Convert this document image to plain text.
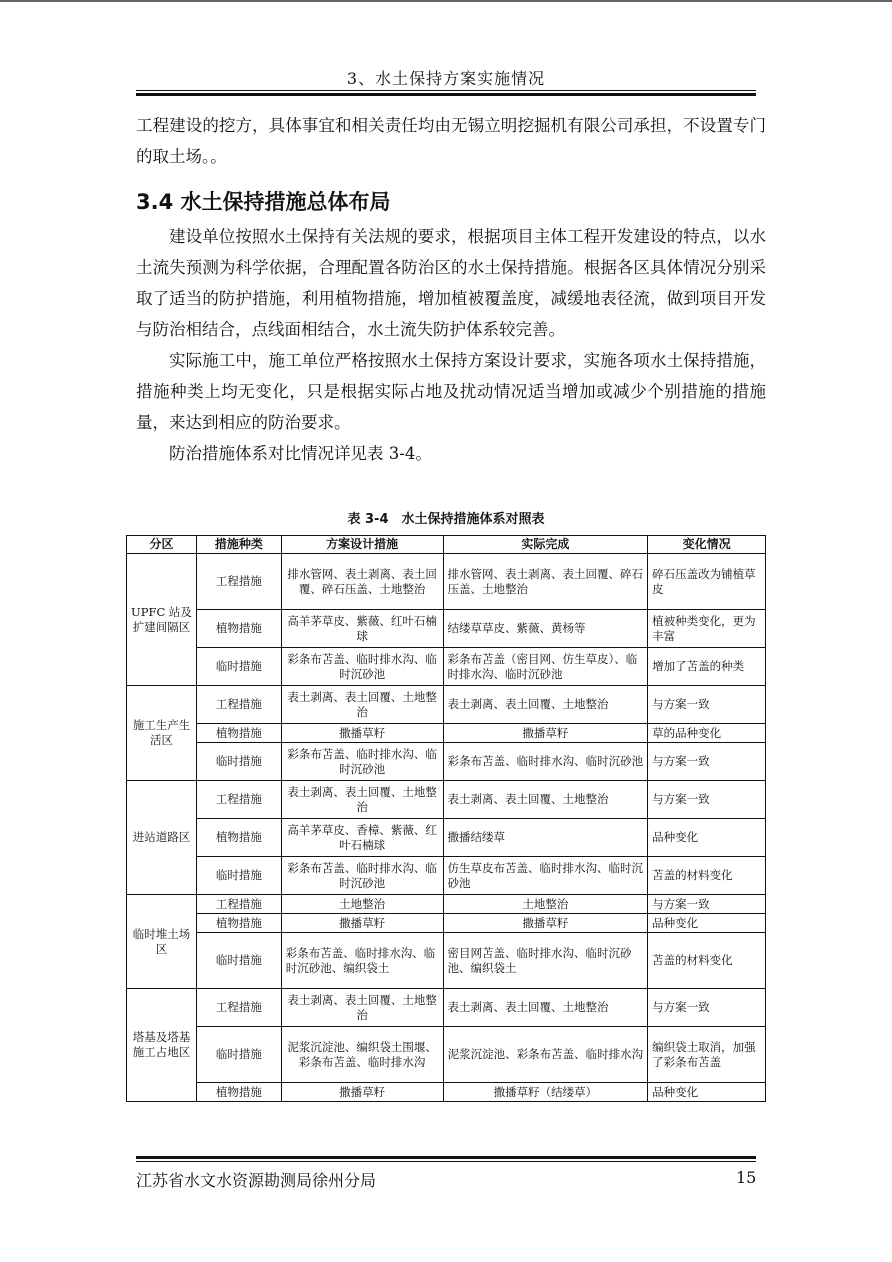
3、水土保持方案实施情况

工程建设的挖方，具体事宜和相关责任均由无锡立明挖掘机有限公司承担，不设置专门的取土场。。

3.4 水土保持措施总体布局

建设单位按照水土保持有关法规的要求，根据项目主体工程开发建设的特点，以水土流失预测为科学依据，合理配置各防治区的水土保持措施。根据各区具体情况分别采取了适当的防护措施，利用植物措施，增加植被覆盖度，减缓地表径流，做到项目开发与防治相结合，点线面相结合，水土流失防护体系较完善。

实际施工中，施工单位严格按照水土保持方案设计要求，实施各项水土保持措施，措施种类上均无变化，只是根据实际占地及扰动情况适当增加或减少个别措施的措施量，来达到相应的防治要求。

防治措施体系对比情况详见表 3-4。

表 3-4　水土保持措施体系对照表
分区	措施种类	方案设计措施	实际完成	变化情况
UPFC 站及扩建间隔区	工程措施	排水管网、表土剥离、表土回覆、碎石压盖、土地整治	排水管网、表土剥离、表土回覆、碎石压盖、土地整治	碎石压盖改为铺植草皮
	植物措施	高羊茅草皮、紫薇、红叶石楠球	结缕草草皮、紫薇、黄杨等	植被种类变化，更为丰富
	临时措施	彩条布苫盖、临时排水沟、临时沉砂池	彩条布苫盖（密目网、仿生草皮）、临时排水沟、临时沉砂池	增加了苫盖的种类
施工生产生活区	工程措施	表土剥离、表土回覆、土地整治	表土剥离、表土回覆、土地整治	与方案一致
	植物措施	撒播草籽	撒播草籽	草的品种变化
	临时措施	彩条布苫盖、临时排水沟、临时沉砂池	彩条布苫盖、临时排水沟、临时沉砂池	与方案一致
进站道路区	工程措施	表土剥离、表土回覆、土地整治	表土剥离、表土回覆、土地整治	与方案一致
	植物措施	高羊茅草皮、香樟、紫薇、红叶石楠球	撒播结缕草	品种变化
	临时措施	彩条布苫盖、临时排水沟、临时沉砂池	仿生草皮布苫盖、临时排水沟、临时沉砂池	苫盖的材料变化
临时堆土场区	工程措施	土地整治	土地整治	与方案一致
	植物措施	撒播草籽	撒播草籽	品种变化
	临时措施	彩条布苫盖、临时排水沟、临时沉砂池、编织袋土	密目网苫盖、临时排水沟、临时沉砂池、编织袋土	苫盖的材料变化
塔基及塔基施工占地区	工程措施	表土剥离、表土回覆、土地整治	表土剥离、表土回覆、土地整治	与方案一致
	临时措施	泥浆沉淀池、编织袋土围堰、彩条布苫盖、临时排水沟	泥浆沉淀池、彩条布苫盖、临时排水沟	编织袋土取消，加强了彩条布苫盖
	植物措施	撒播草籽	撒播草籽（结缕草）	品种变化
江苏省水文水资源勘测局徐州分局	15
